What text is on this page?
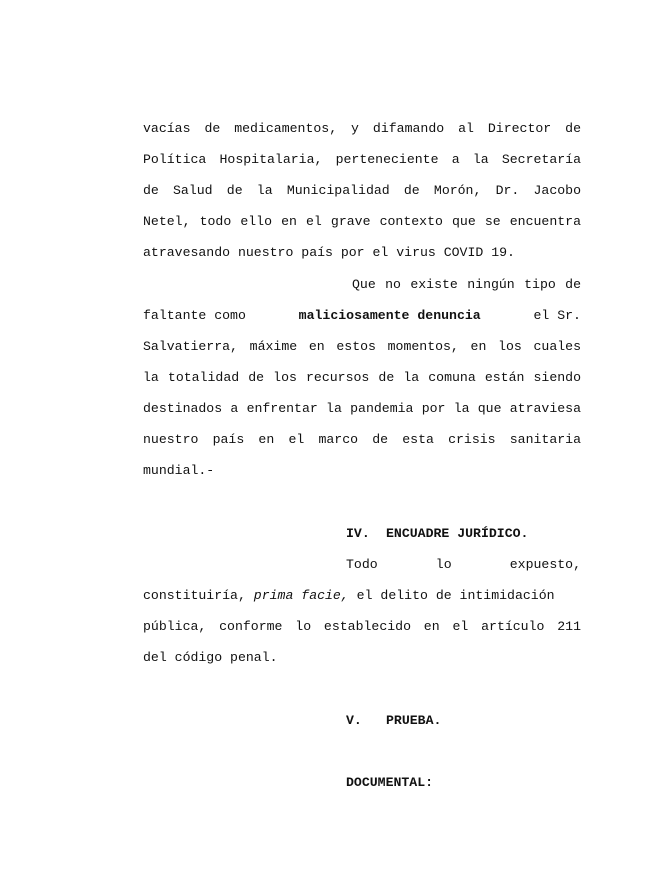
vacías de medicamentos, y difamando al Director de
Política Hospitalaria, perteneciente a la Secretaría
de Salud de la Municipalidad de Morón, Dr. Jacobo
Netel, todo ello en el grave contexto que se encuentra
atravesando nuestro país por el virus COVID 19.
Que no existe ningún tipo de
faltante como	maliciosamente denuncia	el Sr.
Salvatierra, máxime en estos momentos, en los cuales
la totalidad de los recursos de la comuna están siendo
destinados a enfrentar la pandemia por la que atraviesa
nuestro país en el marco de esta crisis sanitaria
mundial.-
IV. ENCUADRE JURÍDICO.
Todo lo expuesto,
constituiría, prima facie, el delito de intimidación
pública, conforme lo establecido en el artículo 211
del código penal.
V. PRUEBA.
DOCUMENTAL:
